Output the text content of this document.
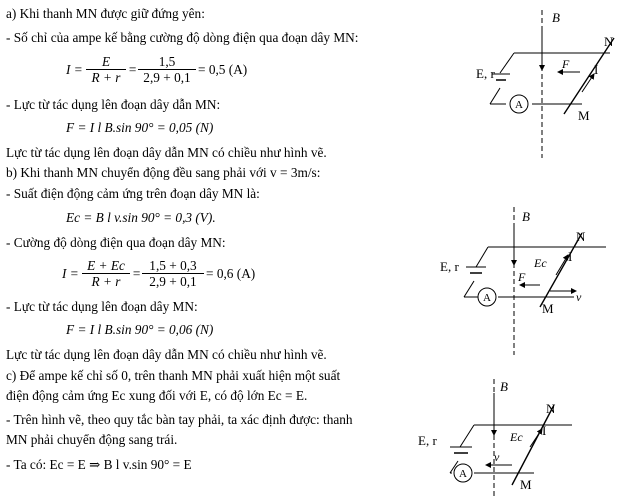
a) Khi thanh MN được giữ đứng yên:
- Số chỉ của ampe kế bằng cường độ dòng điện qua đoạn dây MN:
$I = \frac{E}{R + r} = \frac{1,5}{2,9 + 0,1} = 0,5$ (A)
- Lực từ tác dụng lên đoạn dây dẫn MN:
F = I l B.sin 90° = 0,05 (N)
Lực từ tác dụng lên đoạn dây dẫn MN có chiều như hình vẽ.
b) Khi thanh MN chuyển động đều sang phải với v = 3m/s:
- Suất điện động cảm ứng trên đoạn dây MN là:
Ec = B l v.sin 90° = 0,3 (V).
- Cường độ dòng điện qua đoạn dây MN:
$I = \frac{E + Ec}{R + r} = \frac{1,5 + 0,3}{2,9 + 0,1} = 0,6$ (A)
- Lực từ tác dụng lên đoạn dây MN:
F = I l B.sin 90° = 0,06 (N)
Lực từ tác dụng lên đoạn dây dẫn MN có chiều như hình vẽ.
c) Để ampe kế chỉ số 0, trên thanh MN phải xuất hiện một suất
điện động cảm ứng Ec xung đối với E, có độ lớn Ec = E.
- Trên hình vẽ, theo quy tắc bàn tay phải, ta xác định được: thanh
MN phải chuyển động sang trái.
- Ta có: Ec = E ⇒ B l v.sin 90° = E
B
N
M
I
F
E, r
A
B
N
M
I
Ec
F
v
E, r
A
B
N
M
I
Ec
v
E, r
A
